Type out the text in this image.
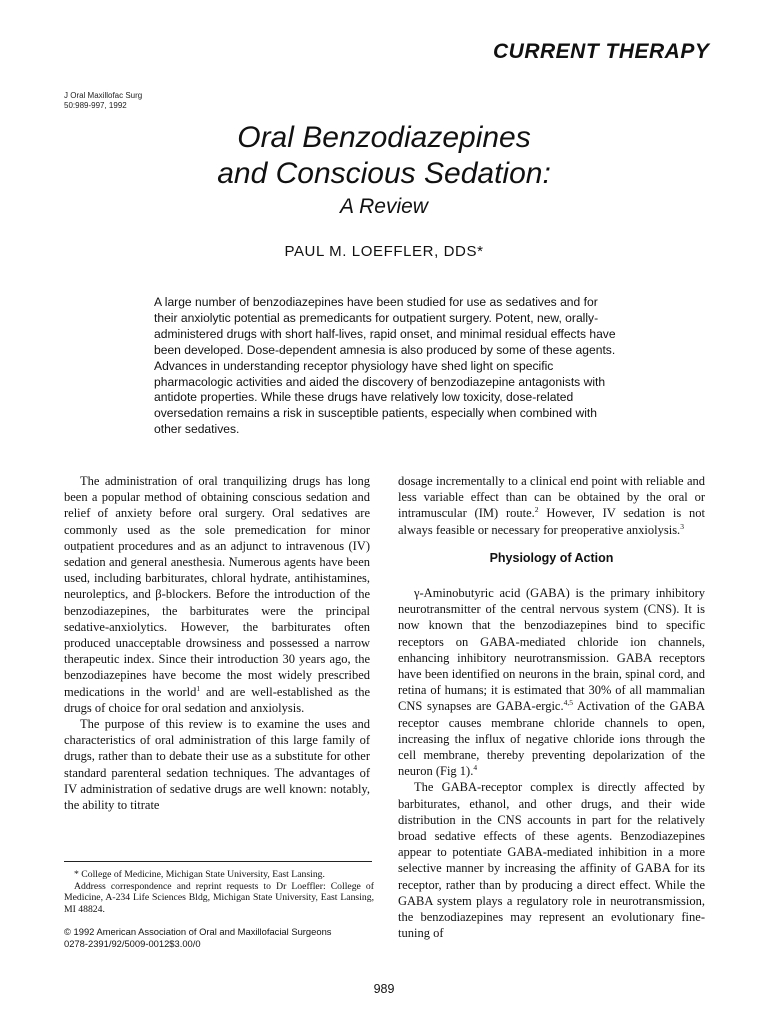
CURRENT THERAPY
J Oral Maxillofac Surg
50:989-997, 1992
Oral Benzodiazepines
and Conscious Sedation:
A Review
PAUL M. LOEFFLER, DDS*

A large number of benzodiazepines have been studied for use as sedatives and for their anxiolytic potential as premedicants for outpatient surgery. Potent, new, orally-administered drugs with short half-lives, rapid onset, and minimal residual effects have been developed. Dose-dependent amnesia is also produced by some of these agents. Advances in understanding receptor physiology have shed light on specific pharmacologic activities and aided the discovery of benzodiazepine antagonists with antidote properties. While these drugs have relatively low toxicity, dose-related oversedation remains a risk in susceptible patients, especially when combined with other sedatives.

The administration of oral tranquilizing drugs has long been a popular method of obtaining conscious sedation and relief of anxiety before oral surgery. Oral sedatives are commonly used as the sole premedication for minor outpatient procedures and as an adjunct to intravenous (IV) sedation and general anesthesia. Numerous agents have been used, including barbiturates, chloral hydrate, antihistamines, neuroleptics, and β-blockers. Before the introduction of the benzodiazepines, the barbiturates were the principal sedative-anxiolytics. However, the barbiturates often produced unacceptable drowsiness and possessed a narrow therapeutic index. Since their introduction 30 years ago, the benzodiazepines have become the most widely prescribed medications in the world$^1$ and are well-established as the drugs of choice for oral sedation and anxiolysis.

The purpose of this review is to examine the uses and characteristics of oral administration of this large family of drugs, rather than to debate their use as a substitute for other standard parenteral sedation techniques. The advantages of IV administration of sedative drugs are well known: notably, the ability to titrate

dosage incrementally to a clinical end point with reliable and less variable effect than can be obtained by the oral or intramuscular (IM) route.$^2$ However, IV sedation is not always feasible or necessary for preoperative anxiolysis.$^3$

Physiology of Action

γ-Aminobutyric acid (GABA) is the primary inhibitory neurotransmitter of the central nervous system (CNS). It is now known that the benzodiazepines bind to specific receptors on GABA-mediated chloride ion channels, enhancing inhibitory neurotransmission. GABA receptors have been identified on neurons in the brain, spinal cord, and retina of humans; it is estimated that 30% of all mammalian CNS synapses are GABA-ergic.$^{4,5}$ Activation of the GABA receptor causes membrane chloride channels to open, increasing the influx of negative chloride ions through the cell membrane, thereby preventing depolarization of the neuron (Fig 1).$^4$

The GABA-receptor complex is directly affected by barbiturates, ethanol, and other drugs, and their wide distribution in the CNS accounts in part for the relatively broad sedative effects of these agents. Benzodiazepines appear to potentiate GABA-mediated inhibition in a more selective manner by increasing the affinity of GABA for its receptor, rather than by producing a direct effect. While the GABA system plays a regulatory role in neurotransmission, the benzodiazepines may represent an evolutionary fine-tuning of

* College of Medicine, Michigan State University, East Lansing.

Address correspondence and reprint requests to Dr Loeffler: College of Medicine, A-234 Life Sciences Bldg, Michigan State University, East Lansing, MI 48824.

© 1992 American Association of Oral and Maxillofacial Surgeons

0278-2391/92/5009-0012$3.00/0

989
